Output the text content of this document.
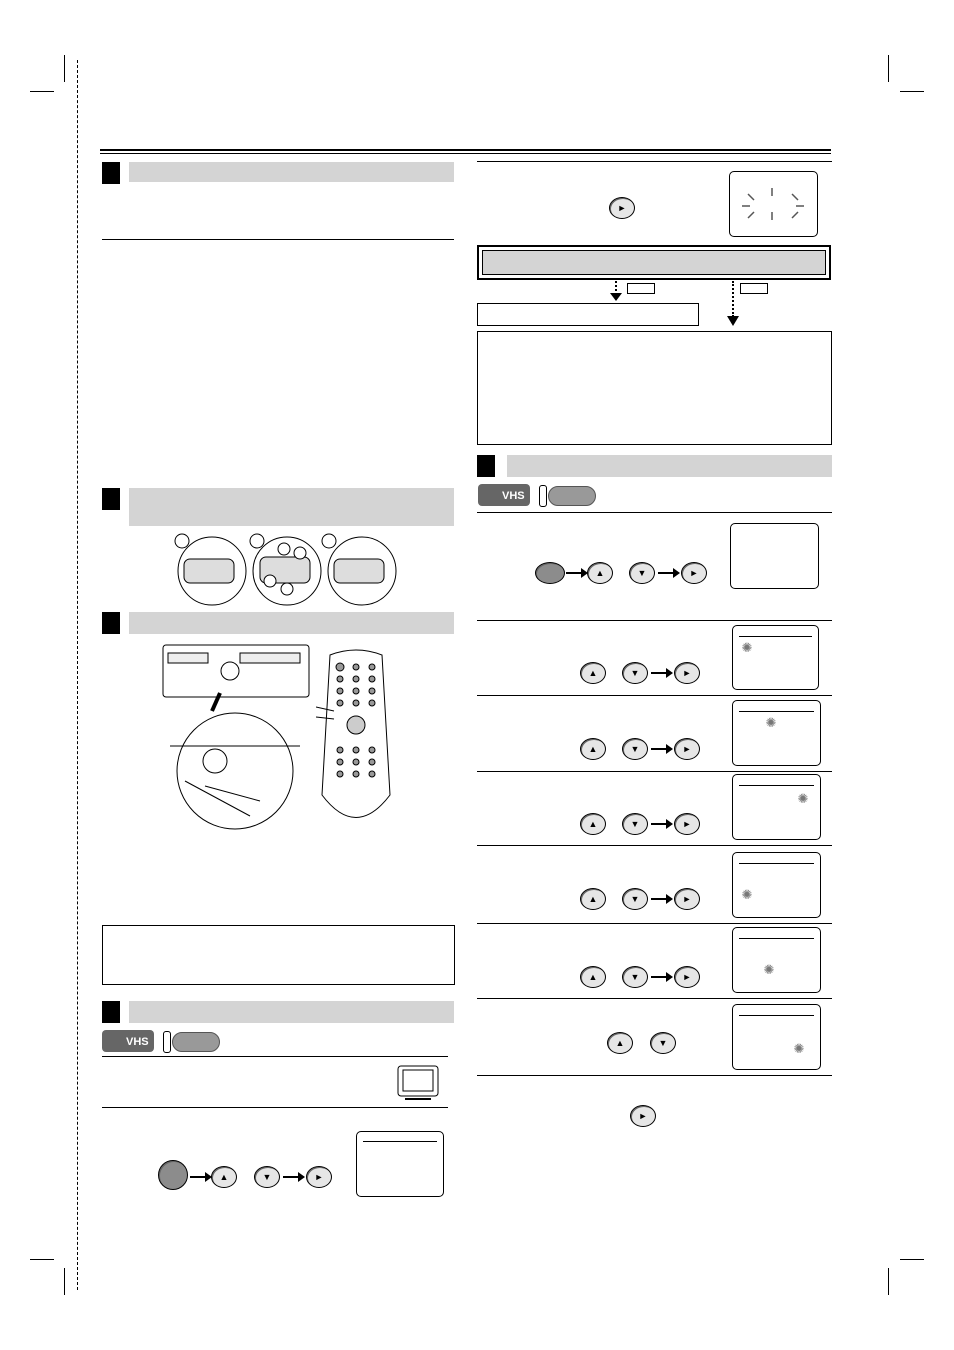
VHS
▲	▼	►
►
VHS
▲	▼	►
▲	▼	►
✺
▲	▼	►
✺
▲	▼	►
✺
▲	▼	►	✺
▲	▼	►	✺
▲	▼	✺
►
